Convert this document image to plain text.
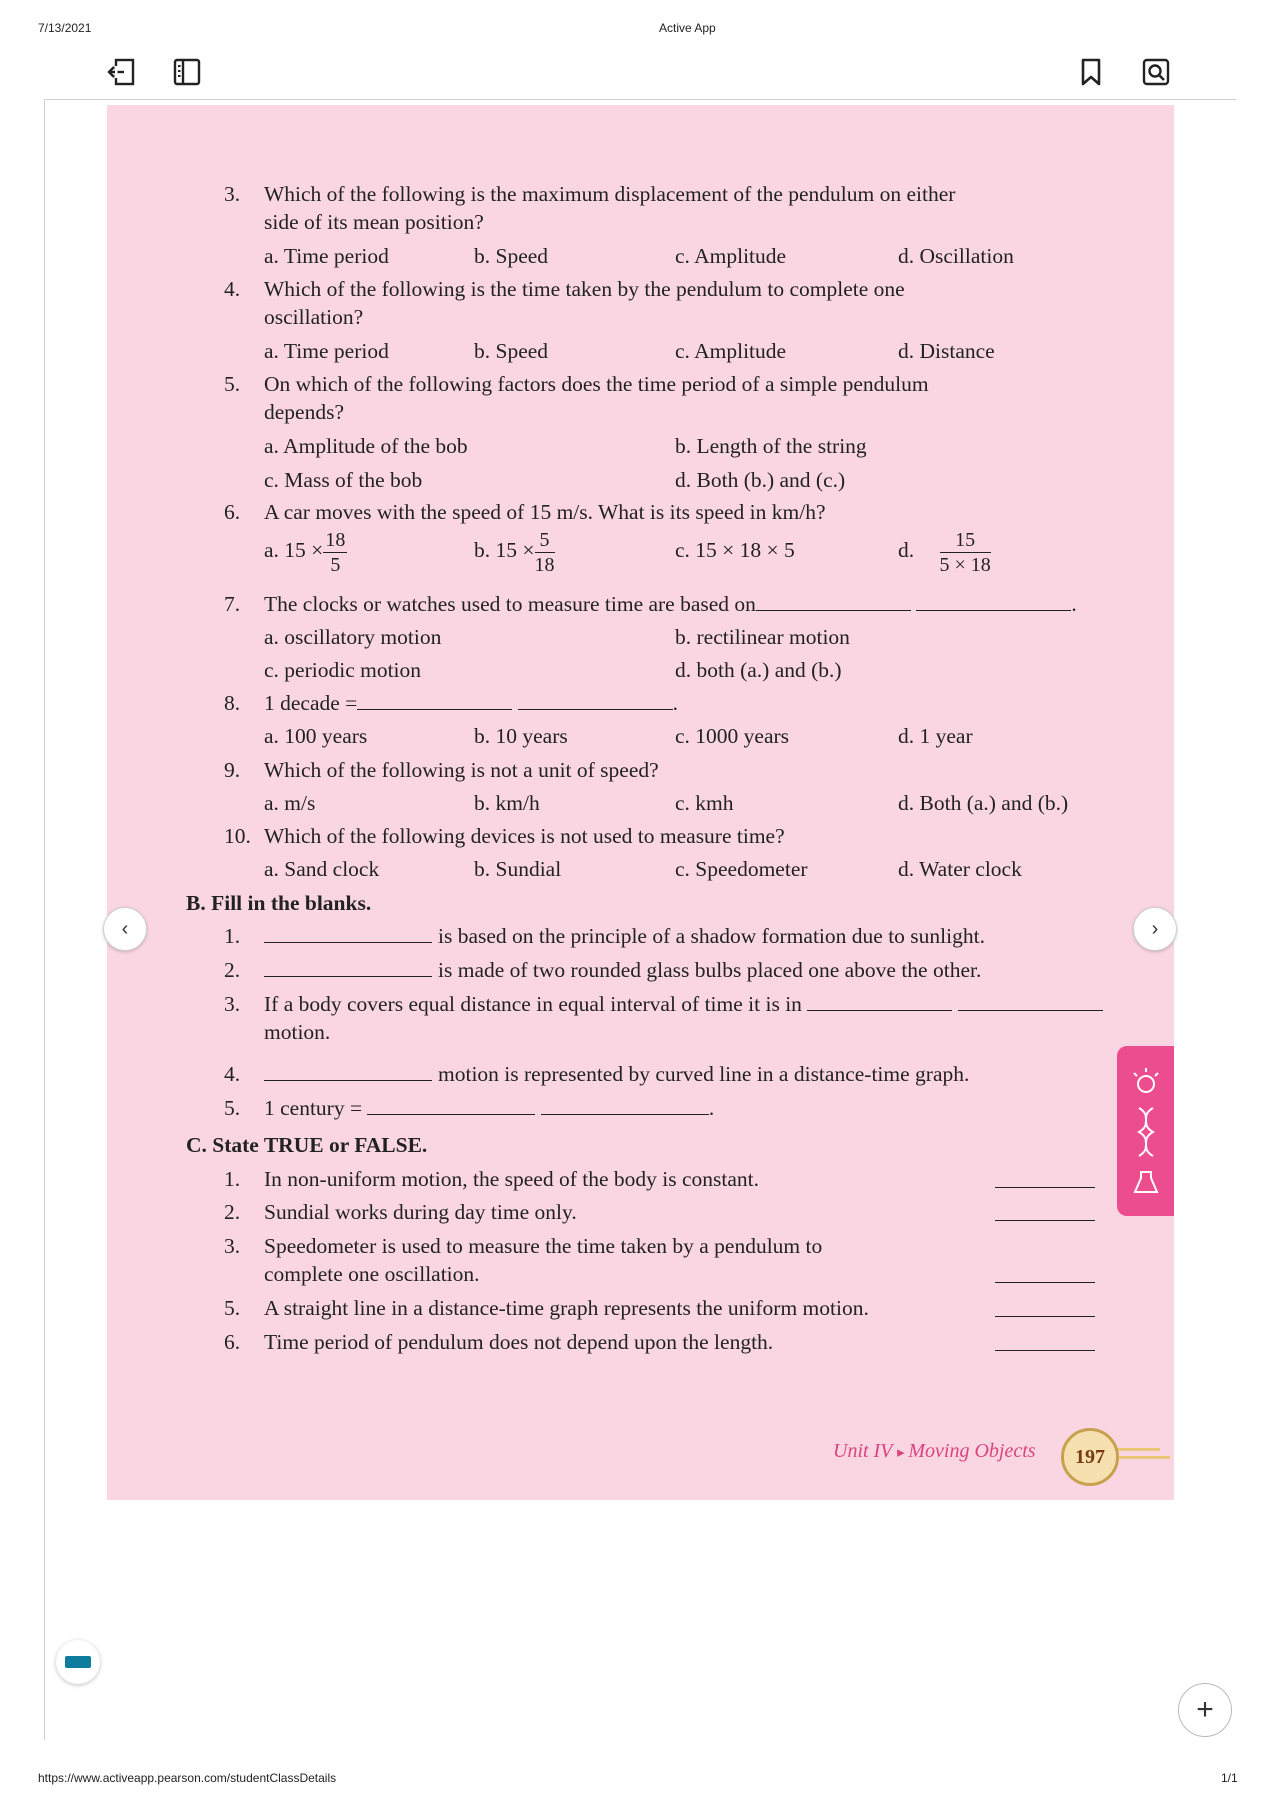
7/13/2021	Active App
3. Which of the following is the maximum displacement of the pendulum on either
side of its mean position?
a. Time period	b. Speed	c. Amplitude	d. Oscillation
4. Which of the following is the time taken by the pendulum to complete one
oscillation?
a. Time period	b. Speed	c. Amplitude	d. Distance
5. On which of the following factors does the time period of a simple pendulum
depends?
a. Amplitude of the bob	b. Length of the string
c. Mass of the bob	d. Both (b.) and (c.)
6. A car moves with the speed of 15 m/s. What is its speed in km/h?
a. $15 \times \frac{18}{5}$	b. $15 \times \frac{5}{18}$	c. 15 × 18 × 5	d. $\frac{15}{5 \times 18}$
7. The clocks or watches used to measure time are based on	.
a. oscillatory motion	b. rectilinear motion
c. periodic motion	d. both (a.) and (b.)
8. 1 decade =	.
a. 100 years	b. 10 years	c. 1000 years	d. 1 year
9. Which of the following is not a unit of speed?
a. m/s	b. km/h	c. kmh	d. Both (a.) and (b.)
10. Which of the following devices is not used to measure time?
a. Sand clock	b. Sundial	c. Speedometer	d. Water clock
B. Fill in the blanks.
1.	is based on the principle of a shadow formation due to sunlight.
2.	is made of two rounded glass bulbs placed one above the other.
3. If a body covers equal distance in equal interval of time it is in
motion.
4.	motion is represented by curved line in a distance-time graph.
5. 1 century =	.
C. State TRUE or FALSE.
1. In non-uniform motion, the speed of the body is constant.
2. Sundial works during day time only.
3. Speedometer is used to measure the time taken by a pendulum to
complete one oscillation.
5. A straight line in a distance-time graph represents the uniform motion.
6. Time period of pendulum does not depend upon the length.
Unit IV ▸ Moving Objects	197
‹	›
+
https://www.activeapp.pearson.com/studentClassDetails	1/1
